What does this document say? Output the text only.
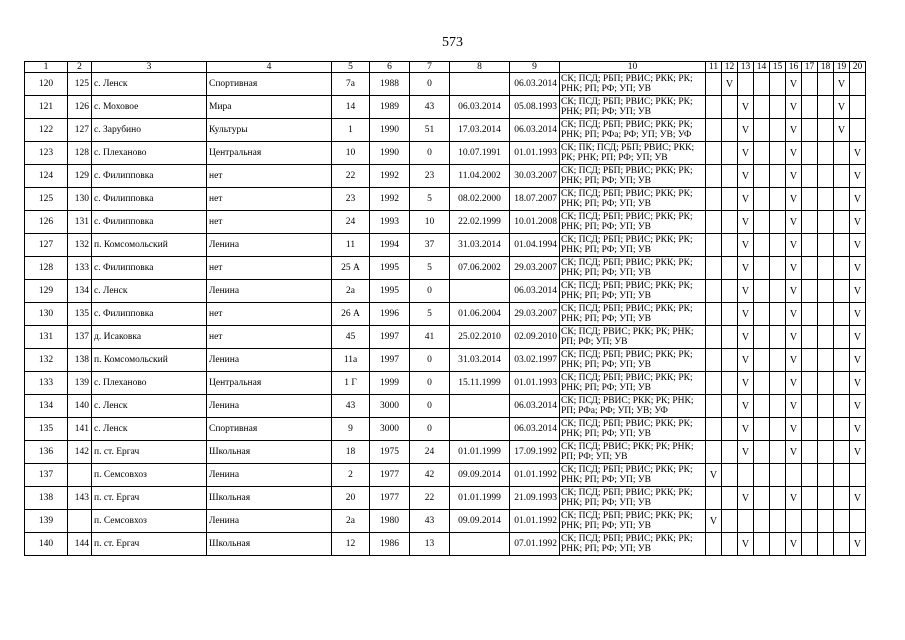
573
1	2	3	4	5	6	7	8	9	10	11	12	13	14	15	16	17	18	19	20
120	125	с. Ленск	Спортивная	7а	1988	0		06.03.2014	СК; ПСД; РБП; РВИС; РКК; РК; РНК; РП; РФ; УП; УВ		V				V			V	
121	126	с. Моховое	Мира	14	1989	43	06.03.2014	05.08.1993	СК; ПСД; РБП; РВИС; РКК; РК; РНК; РП; РФ; УП; УВ			V			V			V	
122	127	с. Зарубино	Культуры	1	1990	51	17.03.2014	06.03.2014	СК; ПСД; РБП; РВИС; РКК; РК; РНК; РП; РФа; РФ; УП; УВ; УФ			V			V			V	
123	128	с. Плеханово	Центральная	10	1990	0	10.07.1991	01.01.1993	СК; ПК; ПСД; РБП; РВИС; РКК; РК; РНК; РП; РФ; УП; УВ			V			V				V
124	129	с. Филипповка	нет	22	1992	23	11.04.2002	30.03.2007	СК; ПСД; РБП; РВИС; РКК; РК; РНК; РП; РФ; УП; УВ			V			V				V
125	130	с. Филипповка	нет	23	1992	5	08.02.2000	18.07.2007	СК; ПСД; РБП; РВИС; РКК; РК; РНК; РП; РФ; УП; УВ			V			V				V
126	131	с. Филипповка	нет	24	1993	10	22.02.1999	10.01.2008	СК; ПСД; РБП; РВИС; РКК; РК; РНК; РП; РФ; УП; УВ			V			V				V
127	132	п. Комсомольский	Ленина	11	1994	37	31.03.2014	01.04.1994	СК; ПСД; РБП; РВИС; РКК; РК; РНК; РП; РФ; УП; УВ			V			V				V
128	133	с. Филипповка	нет	25 А	1995	5	07.06.2002	29.03.2007	СК; ПСД; РБП; РВИС; РКК; РК; РНК; РП; РФ; УП; УВ			V			V				V
129	134	с. Ленск	Ленина	2а	1995	0		06.03.2014	СК; ПСД; РБП; РВИС; РКК; РК; РНК; РП; РФ; УП; УВ			V			V				V
130	135	с. Филипповка	нет	26 А	1996	5	01.06.2004	29.03.2007	СК; ПСД; РБП; РВИС; РКК; РК; РНК; РП; РФ; УП; УВ			V			V				V
131	137	д. Исаковка	нет	45	1997	41	25.02.2010	02.09.2010	СК; ПСД; РВИС; РКК; РК; РНК; РП; РФ; УП; УВ			V			V				V
132	138	п. Комсомольский	Ленина	11а	1997	0	31.03.2014	03.02.1997	СК; ПСД; РБП; РВИС; РКК; РК; РНК; РП; РФ; УП; УВ			V			V				V
133	139	с. Плеханово	Центральная	1 Г	1999	0	15.11.1999	01.01.1993	СК; ПСД; РБП; РВИС; РКК; РК; РНК; РП; РФ; УП; УВ			V			V				V
134	140	с. Ленск	Ленина	43	3000	0		06.03.2014	СК; ПСД; РВИС; РКК; РК; РНК; РП; РФа; РФ; УП; УВ; УФ			V			V				V
135	141	с. Ленск	Спортивная	9	3000	0		06.03.2014	СК; ПСД; РБП; РВИС; РКК; РК; РНК; РП; РФ; УП; УВ			V			V				V
136	142	п. ст. Ергач	Школьная	18	1975	24	01.01.1999	17.09.1992	СК; ПСД; РВИС; РКК; РК; РНК; РП; РФ; УП; УВ			V			V				V
137		п. Семсовхоз	Ленина	2	1977	42	09.09.2014	01.01.1992	СК; ПСД; РБП; РВИС; РКК; РК; РНК; РП; РФ; УП; УВ	V									
138	143	п. ст. Ергач	Школьная	20	1977	22	01.01.1999	21.09.1993	СК; ПСД; РБП; РВИС; РКК; РК; РНК; РП; РФ; УП; УВ			V			V				V
139		п. Семсовхоз	Ленина	2а	1980	43	09.09.2014	01.01.1992	СК; ПСД; РБП; РВИС; РКК; РК; РНК; РП; РФ; УП; УВ	V									
140	144	п. ст. Ергач	Школьная	12	1986	13		07.01.1992	СК; ПСД; РБП; РВИС; РКК; РК; РНК; РП; РФ; УП; УВ			V			V				V
